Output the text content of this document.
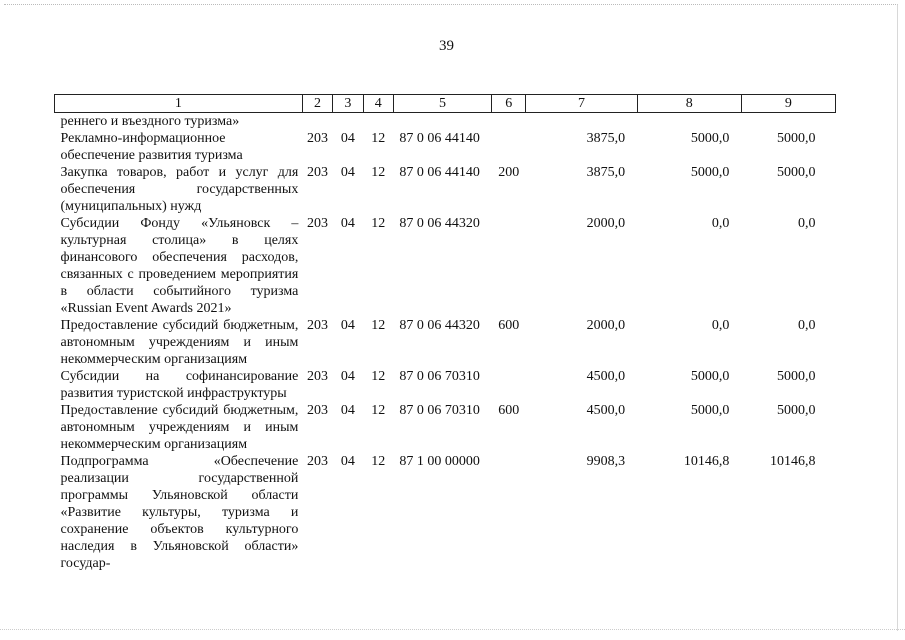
39
1	2	3	4	5	6	7	8	9
реннего и въездного туризма»								
Рекламно-информационное обеспечение развития туризма	203	04	12	87 0 06 44140		3875,0	5000,0	5000,0
Закупка товаров, работ и услуг для обеспечения государственных (муниципальных) нужд	203	04	12	87 0 06 44140	200	3875,0	5000,0	5000,0
Субсидии Фонду «Ульяновск – культурная столица» в целях финансового обеспечения расходов, связанных с проведением мероприятия в области событийного туризма «Russian Event Awards 2021»	203	04	12	87 0 06 44320		2000,0	0,0	0,0
Предоставление субсидий бюджетным, автономным учреждениям и иным некоммерческим организациям	203	04	12	87 0 06 44320	600	2000,0	0,0	0,0
Субсидии на софинансирование развития туристской инфраструктуры	203	04	12	87 0 06 70310		4500,0	5000,0	5000,0
Предоставление субсидий бюджетным, автономным учреждениям и иным некоммерческим организациям	203	04	12	87 0 06 70310	600	4500,0	5000,0	5000,0
Подпрограмма «Обеспечение реализации государственной программы Ульяновской области «Развитие культуры, туризма и сохранение объектов культурного наследия в Ульяновской области» государ-	203	04	12	87 1 00 00000		9908,3	10146,8	10146,8
